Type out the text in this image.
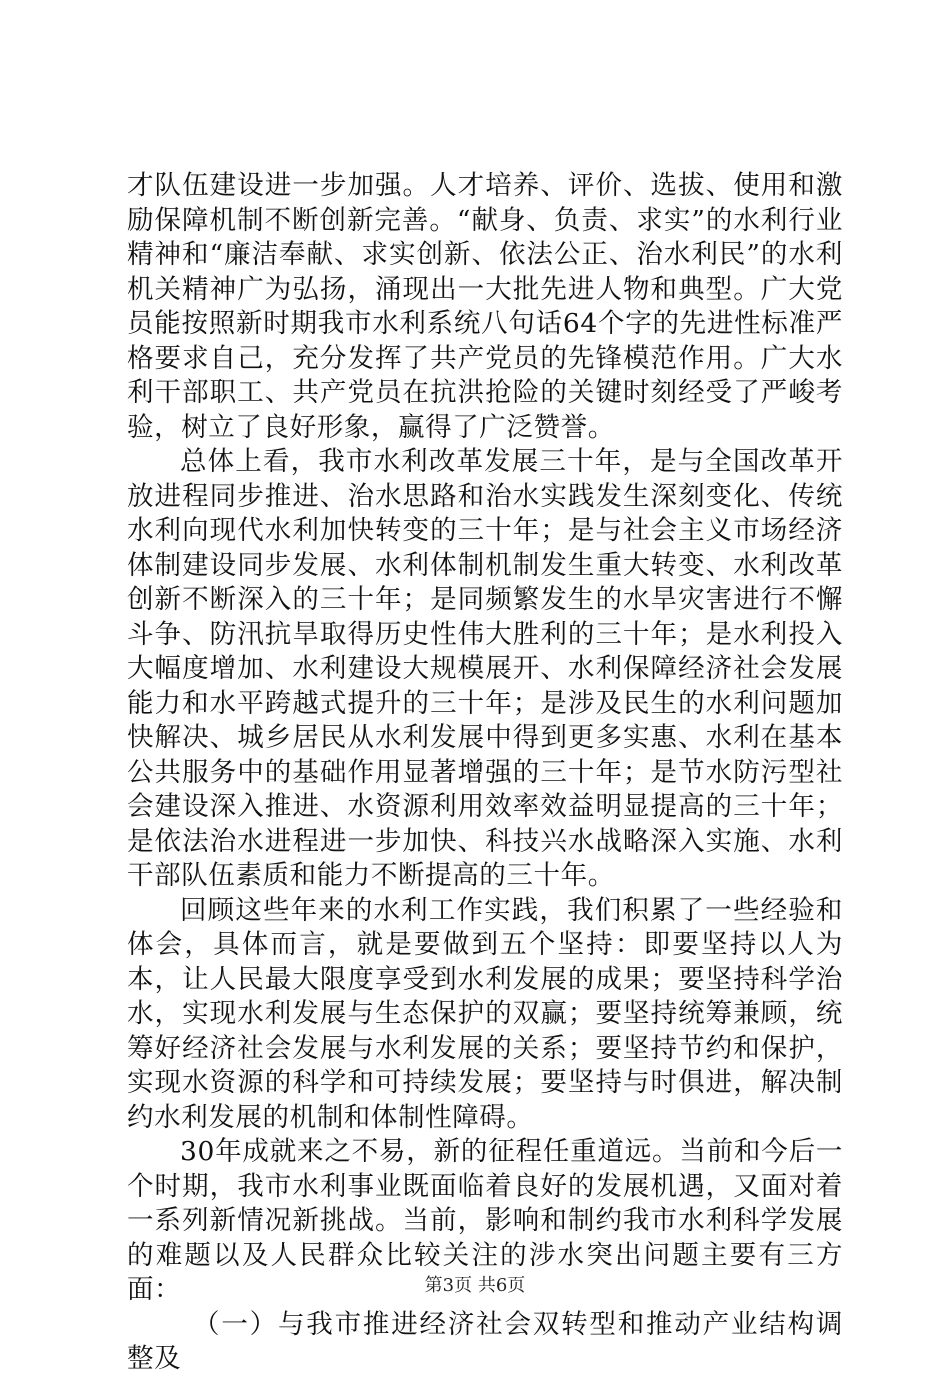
才队伍建设进一步加强。人才培养、评价、选拔、使用和激励保障机制不断创新完善。“献身、负责、求实”的水利行业精神和“廉洁奉献、求实创新、依法公正、治水利民”的水利机关精神广为弘扬，涌现出一大批先进人物和典型。广大党员能按照新时期我市水利系统八句话64个字的先进性标准严格要求自己，充分发挥了共产党员的先锋模范作用。广大水利干部职工、共产党员在抗洪抢险的关键时刻经受了严峻考验，树立了良好形象，赢得了广泛赞誉。

总体上看，我市水利改革发展三十年，是与全国改革开放进程同步推进、治水思路和治水实践发生深刻变化、传统水利向现代水利加快转变的三十年；是与社会主义市场经济体制建设同步发展、水利体制机制发生重大转变、水利改革创新不断深入的三十年；是同频繁发生的水旱灾害进行不懈斗争、防汛抗旱取得历史性伟大胜利的三十年；是水利投入大幅度增加、水利建设大规模展开、水利保障经济社会发展能力和水平跨越式提升的三十年；是涉及民生的水利问题加快解决、城乡居民从水利发展中得到更多实惠、水利在基本公共服务中的基础作用显著增强的三十年；是节水防污型社会建设深入推进、水资源利用效率效益明显提高的三十年；是依法治水进程进一步加快、科技兴水战略深入实施、水利干部队伍素质和能力不断提高的三十年。

回顾这些年来的水利工作实践，我们积累了一些经验和体会，具体而言，就是要做到五个坚持：即要坚持以人为本，让人民最大限度享受到水利发展的成果；要坚持科学治水，实现水利发展与生态保护的双赢；要坚持统筹兼顾，统筹好经济社会发展与水利发展的关系；要坚持节约和保护，实现水资源的科学和可持续发展；要坚持与时俱进，解决制约水利发展的机制和体制性障碍。

30年成就来之不易，新的征程任重道远。当前和今后一个时期，我市水利事业既面临着良好的发展机遇，又面对着一系列新情况新挑战。当前，影响和制约我市水利科学发展的难题以及人民群众比较关注的涉水突出问题主要有三方面：

（一）与我市推进经济社会双转型和推动产业结构调整及

第3页 共6页
